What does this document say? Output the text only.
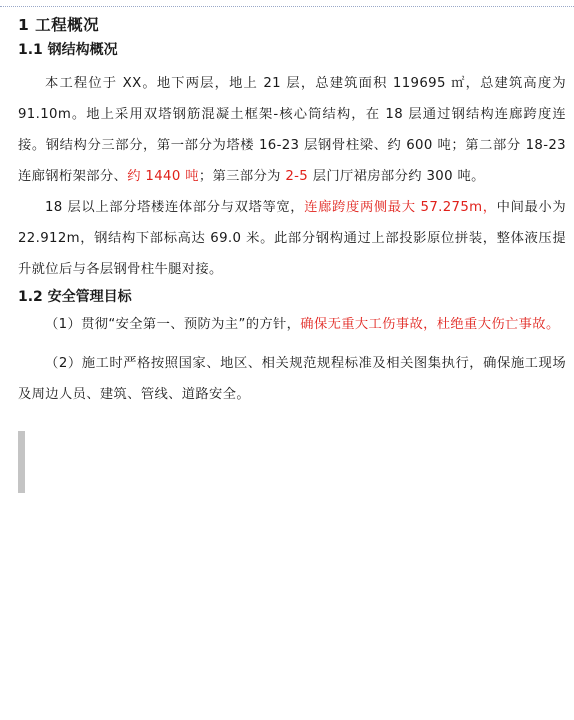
1 工程概况
1.1 钢结构概况

本工程位于 XX。地下两层，地上 21 层，总建筑面积 119695 ㎡，总建筑高度为 91.10m。地上采用双塔钢筋混凝土框架-核心筒结构，在 18 层通过钢结构连廊跨度连接。钢结构分三部分，第一部分为塔楼 16-23 层钢骨柱梁、约 600 吨；第二部分 18-23 连廊钢桁架部分、约 1440 吨；第三部分为 2-5 层门厅裙房部分约 300 吨。

18 层以上部分塔楼连体部分与双塔等宽，连廊跨度两侧最大 57.275m，中间最小为 22.912m，钢结构下部标高达 69.0 米。此部分钢构通过上部投影原位拼装，整体液压提升就位后与各层钢骨柱牛腿对接。

1.2 安全管理目标

（1）贯彻“安全第一、预防为主”的方针，确保无重大工伤事故，杜绝重大伤亡事故。

（2）施工时严格按照国家、地区、相关规范规程标准及相关图集执行，确保施工现场及周边人员、建筑、管线、道路安全。
